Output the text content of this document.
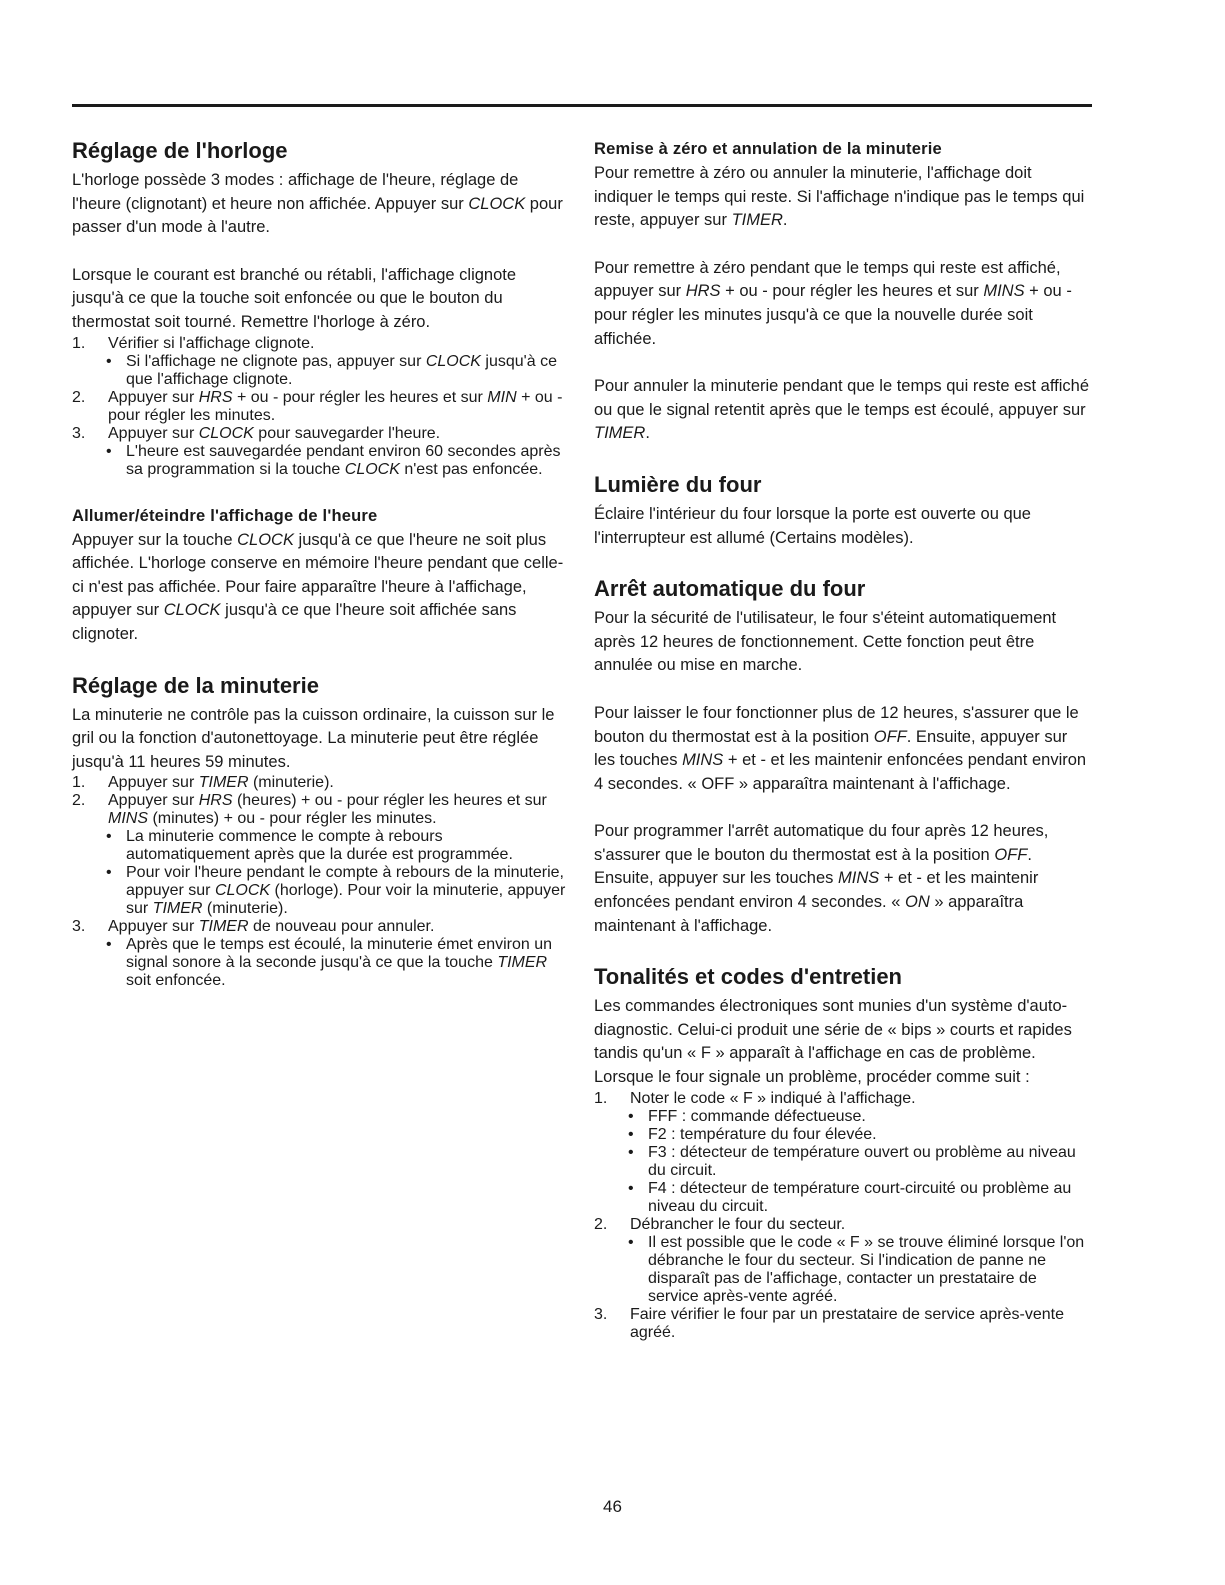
Réglage de l'horloge

L'horloge possède 3 modes : affichage de l'heure, réglage de l'heure (clignotant) et heure non affichée. Appuyer sur CLOCK pour passer d'un mode à l'autre.

Lorsque le courant est branché ou rétabli, l'affichage clignote jusqu'à ce que la touche soit enfoncée ou que le bouton du thermostat soit tourné. Remettre l'horloge à zéro.

1.	Vérifier si l'affichage clignote.
• Si l'affichage ne clignote pas, appuyer sur CLOCK jusqu'à ce que l'affichage clignote.
2.	Appuyer sur HRS + ou - pour régler les heures et sur MIN + ou - pour régler les minutes.
3.	Appuyer sur CLOCK pour sauvegarder l'heure.
• L'heure est sauvegardée pendant environ 60 secondes après sa programmation si la touche CLOCK n'est pas enfoncée.
Allumer/éteindre l'affichage de l'heure

Appuyer sur la touche CLOCK jusqu'à ce que l'heure ne soit plus affichée. L'horloge conserve en mémoire l'heure pendant que celle-ci n'est pas affichée. Pour faire apparaître l'heure à l'affichage, appuyer sur CLOCK jusqu'à ce que l'heure soit affichée sans clignoter.

Réglage de la minuterie

La minuterie ne contrôle pas la cuisson ordinaire, la cuisson sur le gril ou la fonction d'autonettoyage. La minuterie peut être réglée jusqu'à 11 heures 59 minutes.

1.	Appuyer sur TIMER (minuterie).
2.	Appuyer sur HRS (heures) + ou - pour régler les heures et sur MINS (minutes) + ou - pour régler les minutes.
• La minuterie commence le compte à rebours automatiquement après que la durée est programmée.
• Pour voir l'heure pendant le compte à rebours de la minuterie, appuyer sur CLOCK (horloge). Pour voir la minuterie, appuyer sur TIMER (minuterie).
3.	Appuyer sur TIMER de nouveau pour annuler.
• Après que le temps est écoulé, la minuterie émet environ un signal sonore à la seconde jusqu'à ce que la touche TIMER soit enfoncée.
Remise à zéro et annulation de la minuterie

Pour remettre à zéro ou annuler la minuterie, l'affichage doit indiquer le temps qui reste. Si l'affichage n'indique pas le temps qui reste, appuyer sur TIMER.

Pour remettre à zéro pendant que le temps qui reste est affiché, appuyer sur HRS + ou - pour régler les heures et sur MINS + ou - pour régler les minutes jusqu'à ce que la nouvelle durée soit affichée.

Pour annuler la minuterie pendant que le temps qui reste est affiché ou que le signal retentit après que le temps est écoulé, appuyer sur TIMER.

Lumière du four

Éclaire l'intérieur du four lorsque la porte est ouverte ou que l'interrupteur est allumé (Certains modèles).

Arrêt automatique du four

Pour la sécurité de l'utilisateur, le four s'éteint automatiquement après 12 heures de fonctionnement. Cette fonction peut être annulée ou mise en marche.

Pour laisser le four fonctionner plus de 12 heures, s'assurer que le bouton du thermostat est à la position OFF. Ensuite, appuyer sur les touches MINS + et - et les maintenir enfoncées pendant environ 4 secondes. « OFF » apparaîtra maintenant à l'affichage.

Pour programmer l'arrêt automatique du four après 12 heures, s'assurer que le bouton du thermostat est à la position OFF. Ensuite, appuyer sur les touches MINS + et - et les maintenir enfoncées pendant environ 4 secondes. « ON » apparaîtra maintenant à l'affichage.

Tonalités et codes d'entretien

Les commandes électroniques sont munies d'un système d'auto-diagnostic. Celui-ci produit une série de « bips » courts et rapides tandis qu'un « F » apparaît à l'affichage en cas de problème. Lorsque le four signale un problème, procéder comme suit :

1.	Noter le code « F » indiqué à l'affichage.
• FFF : commande défectueuse.
• F2 : température du four élevée.
• F3 : détecteur de température ouvert ou problème au niveau du circuit.
• F4 : détecteur de température court-circuité ou problème au niveau du circuit.
2.	Débrancher le four du secteur.
• Il est possible que le code « F » se trouve éliminé lorsque l'on débranche le four du secteur. Si l'indication de panne ne disparaît pas de l'affichage, contacter un prestataire de service après-vente agréé.
3.	Faire vérifier le four par un prestataire de service après-vente agréé.
46
